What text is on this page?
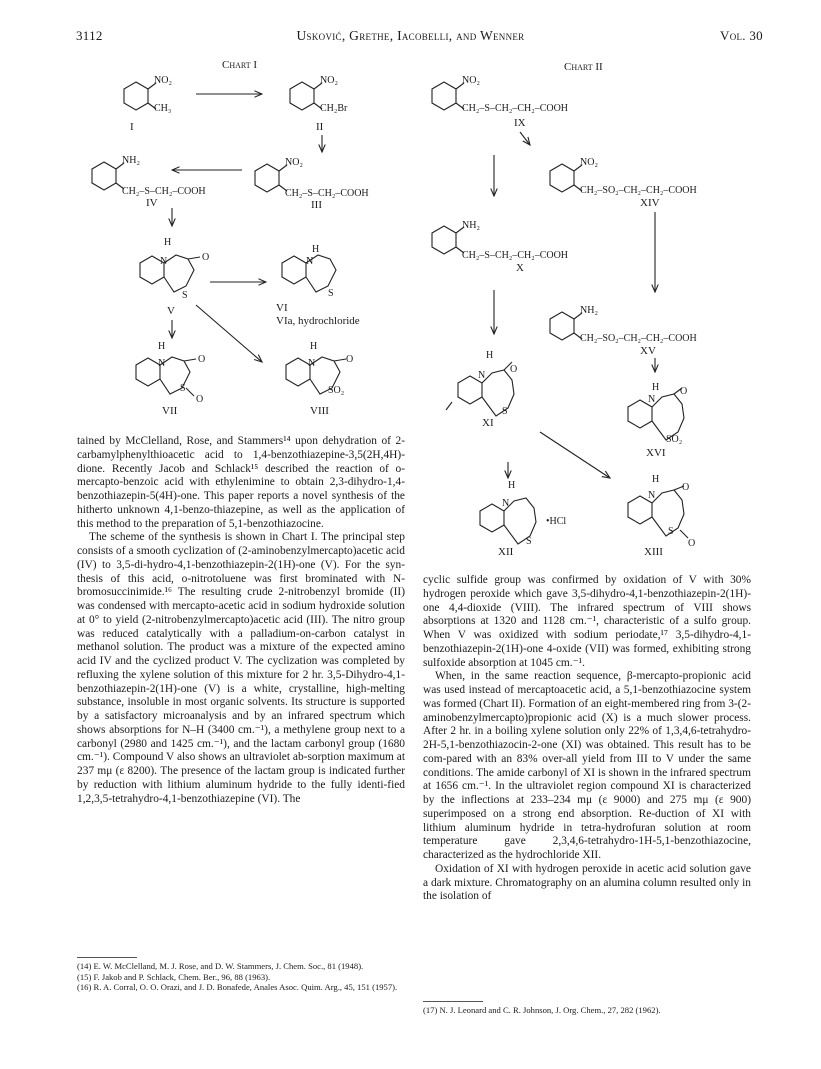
3112	Usković, Grethe, Iacobelli, and Wenner	Vol. 30
Chart I	Chart II
NO₂
CH₃
I
NO₂
CH₂Br
II
NO₂
CH₂–S–CH₂–COOH
III
NH₂
CH₂–S–CH₂–COOH
IV
H
N	O
S
V
H
N
S
VI
VIa, hydrochloride
H
N	O
S
O
VII
H
N	O
SO₂
VIII
NO₂
CH₂–S–CH₂–CH₂–COOH
IX
NO₂
CH₂–SO₂–CH₂–CH₂–COOH
XIV
NH₂
CH₂–S–CH₂–CH₂–COOH
X
NH₂
CH₂–SO₂–CH₂–CH₂–COOH
XV
H
N
O
S
XI
H
N
O
SO₂
XVI
H
N
S
•HCl
XII
H
N
O
S
O
XIII

tained by McClelland, Rose, and Stammers¹⁴ upon dehydration of 2-carbamylphenylthioacetic acid to 1,4-benzothiazepine-3,5(2H,4H)-dione. Recently Jacob and Schlack¹⁵ described the reaction of o-mercapto-benzoic acid with ethylenimine to obtain 2,3-dihydro-1,4-benzothiazepin-5(4H)-one. This paper reports a novel synthesis of the hitherto unknown 4,1-benzo-thiazepine, as well as the application of this method to the preparation of 5,1-benzothiazocine.

The scheme of the synthesis is shown in Chart I. The principal step consists of a smooth cyclization of (2-aminobenzylmercapto)acetic acid (IV) to 3,5-di-hydro-4,1-benzothiazepin-2(1H)-one (V). For the syn-thesis of this acid, o-nitrotoluene was first brominated with N-bromosuccinimide.¹⁶ The resulting crude 2-nitrobenzyl bromide (II) was condensed with mercapto-acetic acid in sodium hydroxide solution at 0° to yield (2-nitrobenzylmercapto)acetic acid (III). The nitro group was reduced catalytically with a palladium-on-carbon catalyst in methanol solution. The product was a mixture of the expected amino acid IV and the cyclized product V. The cyclization was completed by refluxing the xylene solution of this mixture for 2 hr. 3,5-Dihydro-4,1-benzothiazepin-2(1H)-one (V) is a white, crystalline, high-melting substance, insoluble in most organic solvents. Its structure is supported by a satisfactory microanalysis and by an infrared spectrum which shows absorptions for N–H (3400 cm.⁻¹), a methylene group next to a carbonyl (2980 and 1425 cm.⁻¹), and the lactam carbonyl group (1680 cm.⁻¹). Compound V also shows an ultraviolet ab-sorption maximum at 237 mμ (ε 8200). The presence of the lactam group is indicated further by reduction with lithium aluminum hydride to the fully identi-fied 1,2,3,5-tetrahydro-4,1-benzothiazepine (VI). The

cyclic sulfide group was confirmed by oxidation of V with 30% hydrogen peroxide which gave 3,5-dihydro-4,1-benzothiazepin-2(1H)-one 4,4-dioxide (VIII). The infrared spectrum of VIII shows absorptions at 1320 and 1128 cm.⁻¹, characteristic of a sulfo group. When V was oxidized with sodium periodate,¹⁷ 3,5-dihydro-4,1-benzothiazepin-2(1H)-one 4-oxide (VII) was formed, exhibiting strong sulfoxide absorption at 1045 cm.⁻¹.

When, in the same reaction sequence, β-mercapto-propionic acid was used instead of mercaptoacetic acid, a 5,1-benzothiazocine system was formed (Chart II). Formation of an eight-membered ring from 3-(2-aminobenzylmercapto)propionic acid (X) is a much slower process. After 2 hr. in a boiling xylene solution only 22% of 1,3,4,6-tetrahydro-2H-5,1-benzothiazocin-2-one (XI) was obtained. This result has to be com-pared with an 83% over-all yield from III to V under the same conditions. The amide carbonyl of XI is shown in the infrared spectrum at 1656 cm.⁻¹. In the ultraviolet region compound XI is characterized by the inflections at 233–234 mμ (ε 9000) and 275 mμ (ε 900) superimposed on a strong end absorption. Re-duction of XI with lithium aluminum hydride in tetra-hydrofuran solution at room temperature gave 2,3,4,6-tetrahydro-1H-5,1-benzothiazocine, characterized as the hydrochloride XII.

Oxidation of XI with hydrogen peroxide in acetic acid solution gave a dark mixture. Chromatography on an alumina column resulted only in the isolation of

(14) E. W. McClelland, M. J. Rose, and D. W. Stammers, J. Chem. Soc., 81 (1948).
(15) F. Jakob and P. Schlack, Chem. Ber., 96, 88 (1963).
(16) R. A. Corral, O. O. Orazi, and J. D. Bonafede, Anales Asoc. Quim. Arg., 45, 151 (1957).
(17) N. J. Leonard and C. R. Johnson, J. Org. Chem., 27, 282 (1962).
